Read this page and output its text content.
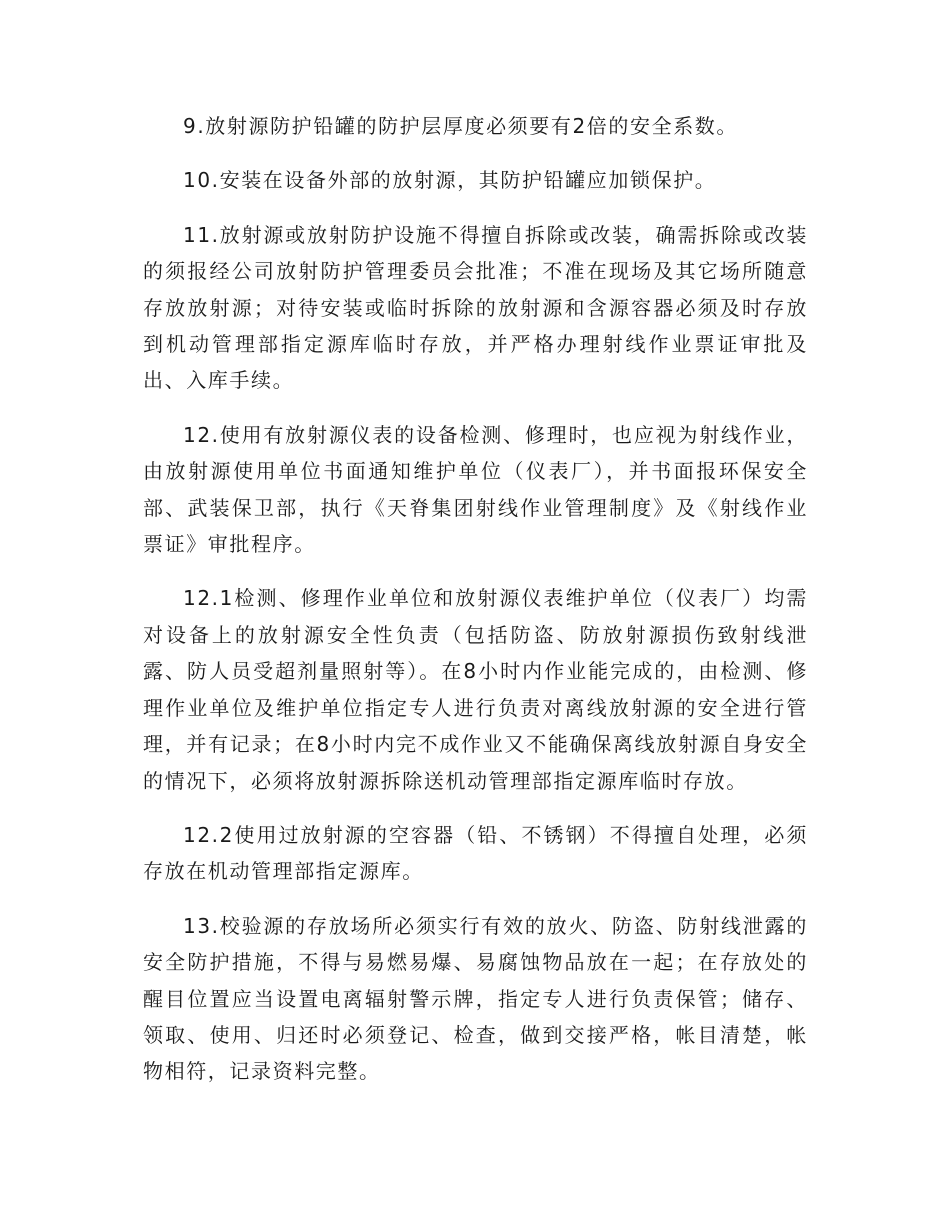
9.放射源防护铅罐的防护层厚度必须要有2倍的安全系数。

10.安装在设备外部的放射源，其防护铅罐应加锁保护。

11.放射源或放射防护设施不得擅自拆除或改装，确需拆除或改装的须报经公司放射防护管理委员会批准；不准在现场及其它场所随意存放放射源；对待安装或临时拆除的放射源和含源容器必须及时存放到机动管理部指定源库临时存放，并严格办理射线作业票证审批及出、入库手续。

12.使用有放射源仪表的设备检测、修理时，也应视为射线作业，由放射源使用单位书面通知维护单位（仪表厂），并书面报环保安全部、武装保卫部，执行《天脊集团射线作业管理制度》及《射线作业票证》审批程序。

12.1检测、修理作业单位和放射源仪表维护单位（仪表厂）均需对设备上的放射源安全性负责（包括防盗、防放射源损伤致射线泄露、防人员受超剂量照射等）。在8小时内作业能完成的，由检测、修理作业单位及维护单位指定专人进行负责对离线放射源的安全进行管理，并有记录；在8小时内完不成作业又不能确保离线放射源自身安全的情况下，必须将放射源拆除送机动管理部指定源库临时存放。

12.2使用过放射源的空容器（铅、不锈钢）不得擅自处理，必须存放在机动管理部指定源库。

13.校验源的存放场所必须实行有效的放火、防盗、防射线泄露的安全防护措施，不得与易燃易爆、易腐蚀物品放在一起；在存放处的醒目位置应当设置电离辐射警示牌，指定专人进行负责保管；储存、领取、使用、归还时必须登记、检查，做到交接严格，帐目清楚，帐物相符，记录资料完整。
